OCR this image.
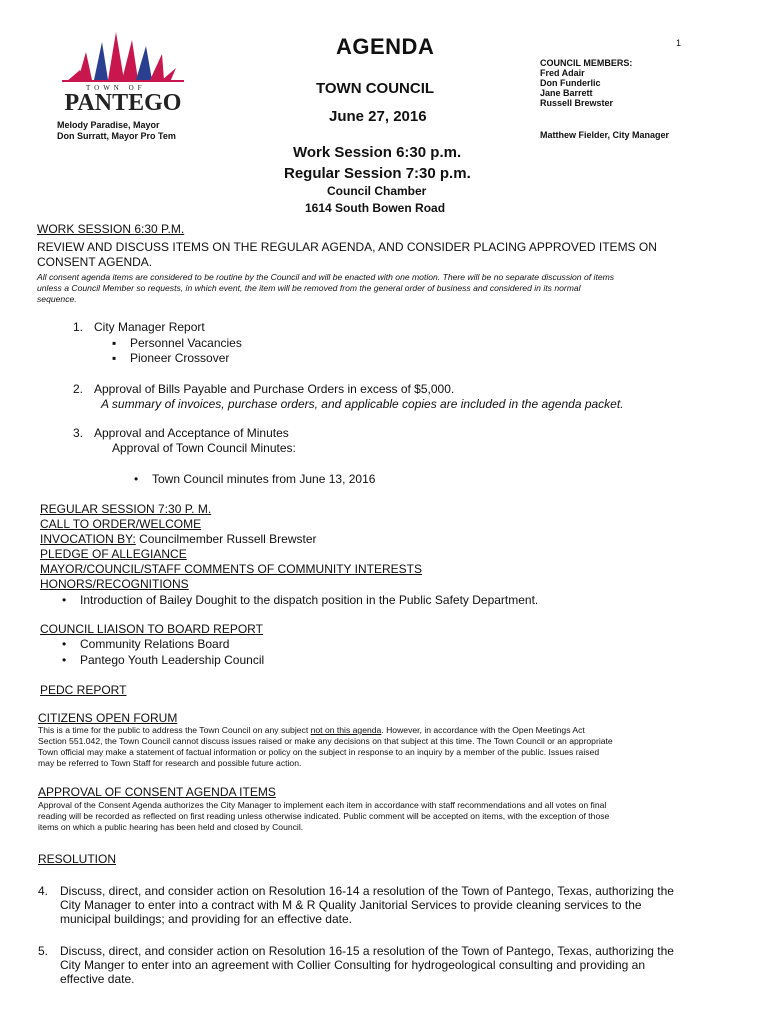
1
TOWN OF
PANTEGO
Melody Paradise, Mayor
Don Surratt, Mayor Pro Tem
AGENDA
TOWN COUNCIL
June 27, 2016
Work Session 6:30 p.m.
Regular Session 7:30 p.m.
Council Chamber
1614 South Bowen Road
COUNCIL MEMBERS:
Fred Adair
Don Funderlic
Jane Barrett
Russell Brewster
Matthew Fielder, City Manager
WORK SESSION 6:30 P.M.
REVIEW AND DISCUSS ITEMS ON THE REGULAR AGENDA, AND CONSIDER PLACING APPROVED ITEMS ON
CONSENT AGENDA.
All consent agenda items are considered to be routine by the Council and will be enacted with one motion. There will be no separate discussion of items
unless a Council Member so requests, in which event, the item will be removed from the general order of business and considered in its normal
sequence.
1. City Manager Report
▪ Personnel Vacancies
▪ Pioneer Crossover
2. Approval of Bills Payable and Purchase Orders in excess of $5,000.
A summary of invoices, purchase orders, and applicable copies are included in the agenda packet.
3. Approval and Acceptance of Minutes
Approval of Town Council Minutes:
• Town Council minutes from June 13, 2016
REGULAR SESSION 7:30 P. M.
CALL TO ORDER/WELCOME
INVOCATION BY: Councilmember Russell Brewster
PLEDGE OF ALLEGIANCE
MAYOR/COUNCIL/STAFF COMMENTS OF COMMUNITY INTERESTS
HONORS/RECOGNITIONS
• Introduction of Bailey Doughit to the dispatch position in the Public Safety Department.
COUNCIL LIAISON TO BOARD REPORT
• Community Relations Board
• Pantego Youth Leadership Council
PEDC REPORT
CITIZENS OPEN FORUM
This is a time for the public to address the Town Council on any subject not on this agenda. However, in accordance with the Open Meetings Act
Section 551.042, the Town Council cannot discuss issues raised or make any decisions on that subject at this time. The Town Council or an appropriate
Town official may make a statement of factual information or policy on the subject in response to an inquiry by a member of the public. Issues raised
may be referred to Town Staff for research and possible future action.
APPROVAL OF CONSENT AGENDA ITEMS
Approval of the Consent Agenda authorizes the City Manager to implement each item in accordance with staff recommendations and all votes on final
reading will be recorded as reflected on first reading unless otherwise indicated. Public comment will be accepted on items, with the exception of those
items on which a public hearing has been held and closed by Council.
RESOLUTION
4. Discuss, direct, and consider action on Resolution 16-14 a resolution of the Town of Pantego, Texas, authorizing the
City Manager to enter into a contract with M & R Quality Janitorial Services to provide cleaning services to the
municipal buildings; and providing for an effective date.
5. Discuss, direct, and consider action on Resolution 16-15 a resolution of the Town of Pantego, Texas, authorizing the
City Manger to enter into an agreement with Collier Consulting for hydrogeological consulting and providing an
effective date.
